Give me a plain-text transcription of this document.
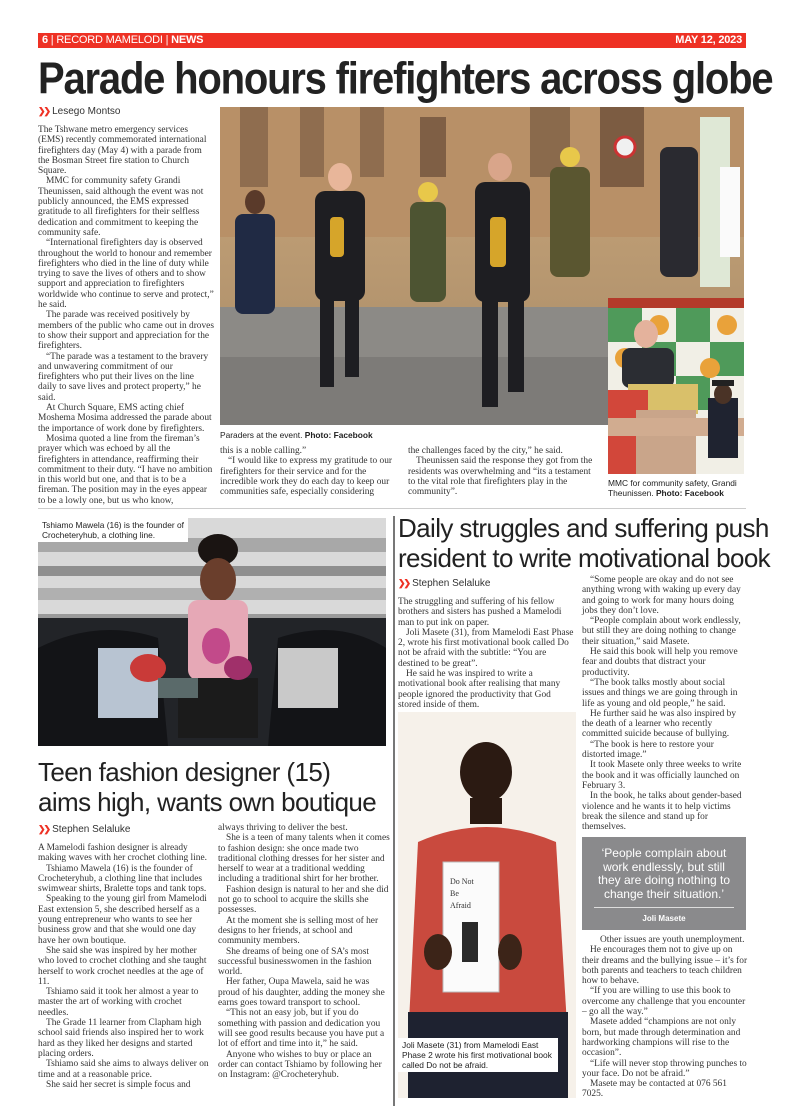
6 | RECORD MAMELODI | NEWS	MAY 12, 2023
Parade honours firefighters across globe
❯❯ Lesego Montso

The Tshwane metro emergency services (EMS) recently commemorated international firefighters day (May 4) with a parade from the Bosman Street fire station to Church Square.

MMC for community safety Grandi Theunissen, said although the event was not publicly announced, the EMS expressed gratitude to all firefighters for their selfless dedication and commitment to keeping the community safe.

“International firefighters day is observed throughout the world to honour and remember firefighters who died in the line of duty while trying to save the lives of others and to show support and appreciation to firefighters worldwide who continue to serve and protect,” he said.

The parade was received positively by members of the public who came out in droves to show their support and appreciation for the firefighters.

“The parade was a testament to the bravery and unwavering commitment of our firefighters who put their lives on the line daily to save lives and protect property,” he said.

At Church Square, EMS acting chief Moshema Mosima addressed the parade about the importance of work done by firefighters.

Mosima quoted a line from the fireman’s prayer which was echoed by all the firefighters in attendance, reaffirming their commitment to their duty. “I have no ambition in this world but one, and that is to be a fireman. The position may in the eyes appear to be a lowly one, but us who know,

Paraders at the event. Photo: Facebook
MMC for community safety, Grandi Theunissen. Photo: Facebook

this is a noble calling.”

“I would like to express my gratitude to our firefighters for their service and for the incredible work they do each day to keep our communities safe, especially considering

the challenges faced by the city,” he said.

Theunissen said the response they got from the residents was overwhelming and “its a testament to the vital role that firefighters play in the community”.

Tshiamo Mawela (16) is the founder of Crocheteryhub, a clothing line.
Teen fashion designer (15)
aims high, wants own boutique
❯❯ Stephen Selaluke

A Mamelodi fashion designer is already making waves with her crochet clothing line.

Tshiamo Mawela (16) is the founder of Crocheteryhub, a clothing line that includes swimwear shirts, Bralette tops and tank tops.

Speaking to the young girl from Mamelodi East extension 5, she described herself as a young entrepreneur who wants to see her business grow and that she would one day have her own boutique.

She said she was inspired by her mother who loved to crochet clothing and she taught herself to work crochet needles at the age of 11.

Tshiamo said it took her almost a year to master the art of working with crochet needles.

The Grade 11 learner from Clapham high school said friends also inspired her to work hard as they liked her designs and started placing orders.

Tshiamo said she aims to always deliver on time and at a reasonable price.

She said her secret is simple focus and

always thriving to deliver the best.

She is a teen of many talents when it comes to fashion design: she once made two traditional clothing dresses for her sister and herself to wear at a traditional wedding including a traditional shirt for her brother.

Fashion design is natural to her and she did not go to school to acquire the skills she possesses.

At the moment she is selling most of her designs to her friends, at school and community members.

She dreams of being one of SA’s most successful businesswomen in the fashion world.

Her father, Oupa Mawela, said he was proud of his daughter, adding the money she earns goes toward transport to school.

“This not an easy job, but if you do something with passion and dedication you will see good results because you have put a lot of effort and time into it,” he said.

Anyone who wishes to buy or place an order can contact Tshiamo by following her on Instagram: @Crocheteryhub.

Daily struggles and suffering push
resident to write motivational book
❯❯ Stephen Selaluke

The struggling and suffering of his fellow brothers and sisters has pushed a Mamelodi man to put ink on paper.

Joli Masete (31), from Mamelodi East Phase 2, wrote his first motivational book called Do not be afraid with the subtitle: “You are destined to be great”.

He said he was inspired to write a motivational book after realising that many people ignored the productivity that God stored inside of them.

Do Not
Be
Afraid
Joli Masete (31) from Mamelodi East Phase 2 wrote his first motivational book called Do not be afraid.

“Some people are okay and do not see anything wrong with waking up every day and going to work for many hours doing jobs they don’t love.

“People complain about work endlessly, but still they are doing nothing to change their situation,” said Masete.

He said this book will help you remove fear and doubts that distract your productivity.

“The book talks mostly about social issues and things we are going through in life as young and old people,” he said.

He further said he was also inspired by the death of a learner who recently committed suicide because of bullying.

“The book is here to restore your distorted image.”

It took Masete only three weeks to write the book and it was officially launched on February 3.

In the book, he talks about gender-based violence and he wants it to help victims break the silence and stand up for themselves.

‘People complain about work endlessly, but still they are doing nothing to change their situation.’
Joli Masete

Other issues are youth unemployment.

He encourages them not to give up on their dreams and the bullying issue – it’s for both parents and teachers to teach children how to behave.

“If you are willing to use this book to overcome any challenge that you encounter – go all the way.”

Masete added “champions are not only born, but made through determination and hardworking champions will rise to the occasion”.

“Life will never stop throwing punches to your face. Do not be afraid.”

Masete may be contacted at 076 561 7025.
